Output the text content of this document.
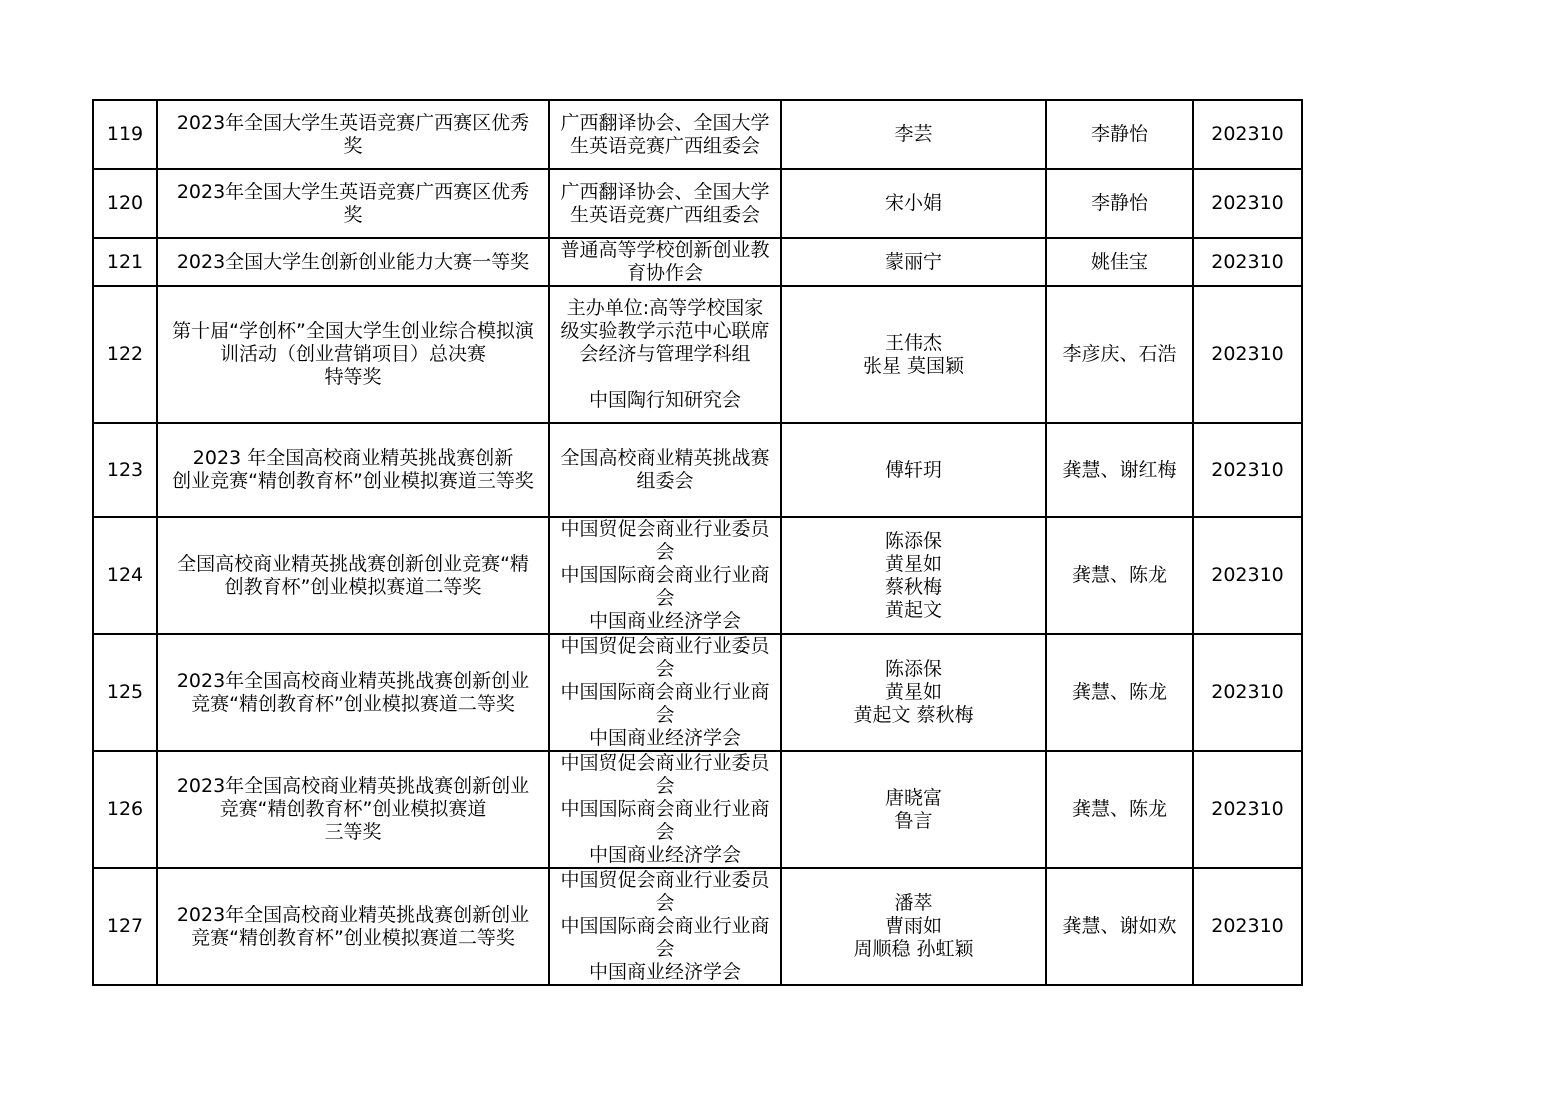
119	2023年全国大学生英语竞赛广西赛区优秀
奖	广西翻译协会、全国大学
生英语竞赛广西组委会	李芸	李静怡	202310
120	2023年全国大学生英语竞赛广西赛区优秀
奖	广西翻译协会、全国大学
生英语竞赛广西组委会	宋小娟	李静怡	202310
121	2023全国大学生创新创业能力大赛一等奖	普通高等学校创新创业教
育协作会	蒙丽宁	姚佳宝	202310
122	第十届“学创杯”全国大学生创业综合模拟演
训活动（创业营销项目）总决赛
特等奖	主办单位:高等学校国家
级实验教学示范中心联席
会经济与管理学科组

中国陶行知研究会	王伟杰
张星 莫国颖	李彦庆、石浩	202310
123	2023 年全国高校商业精英挑战赛创新
创业竞赛“精创教育杯”创业模拟赛道三等奖	全国高校商业精英挑战赛
组委会	傅轩玥	龚慧、谢红梅	202310
124	全国高校商业精英挑战赛创新创业竞赛“精
创教育杯”创业模拟赛道二等奖	中国贸促会商业行业委员
会
中国国际商会商业行业商
会
中国商业经济学会	陈添保
黄星如
蔡秋梅
黄起文	龚慧、陈龙	202310
125	2023年全国高校商业精英挑战赛创新创业
竞赛“精创教育杯”创业模拟赛道二等奖	中国贸促会商业行业委员
会
中国国际商会商业行业商
会
中国商业经济学会	陈添保
黄星如
黄起文 蔡秋梅	龚慧、陈龙	202310
126	2023年全国高校商业精英挑战赛创新创业
竞赛“精创教育杯”创业模拟赛道
三等奖	中国贸促会商业行业委员
会
中国国际商会商业行业商
会
中国商业经济学会	唐晓富
鲁言	龚慧、陈龙	202310
127	2023年全国高校商业精英挑战赛创新创业
竞赛“精创教育杯”创业模拟赛道二等奖	中国贸促会商业行业委员
会
中国国际商会商业行业商
会
中国商业经济学会	潘萃
曹雨如
周顺稳 孙虹颖	龚慧、谢如欢	202310
